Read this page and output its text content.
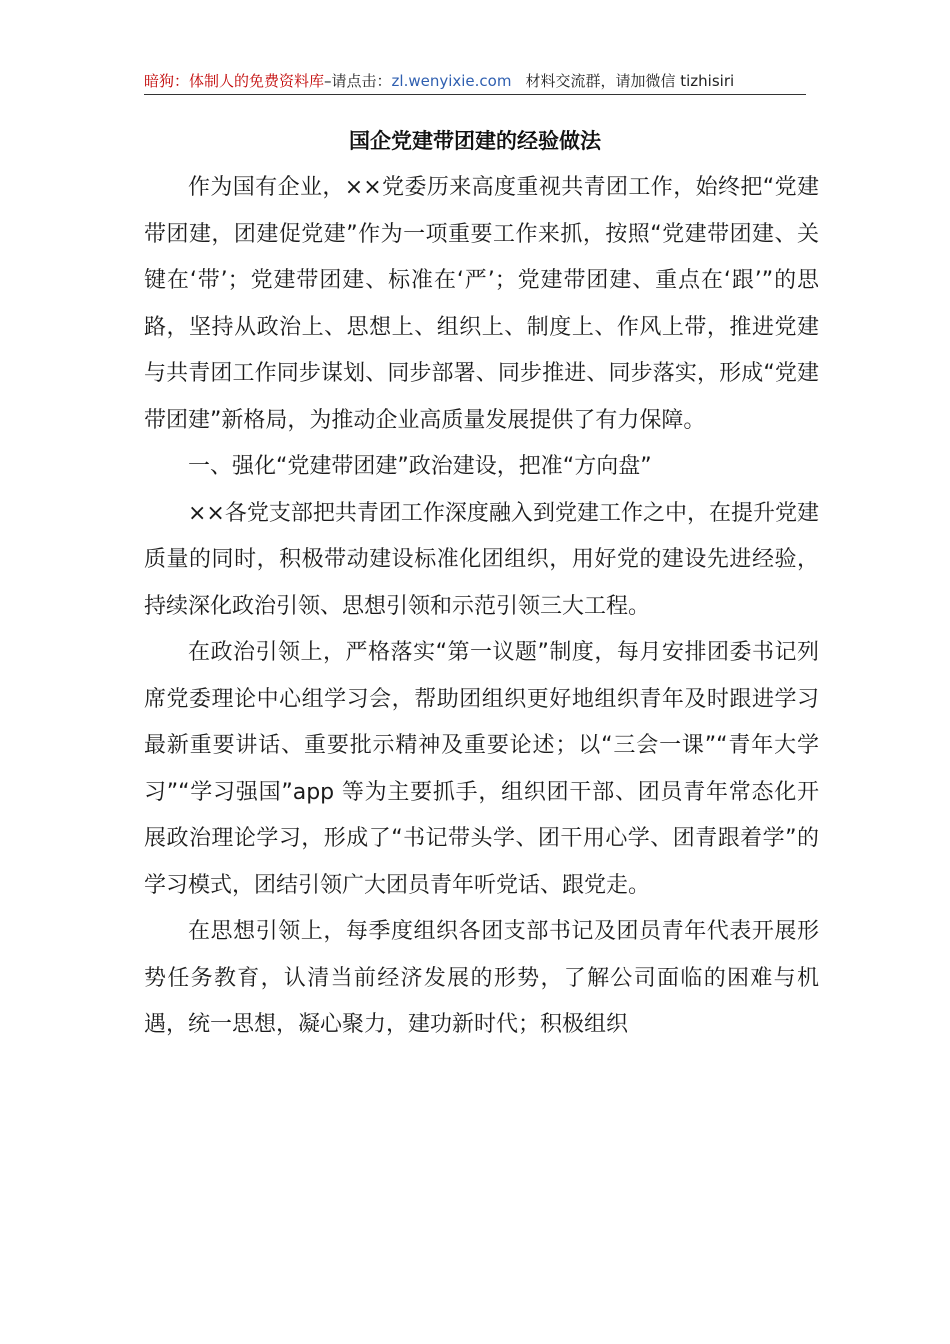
暗狗：体制人的免费资料库–请点击：zl.wenyixie.com 材料交流群，请加微信 tizhisiri
国企党建带团建的经验做法

作为国有企业，××党委历来高度重视共青团工作，始终把“党建带团建，团建促党建”作为一项重要工作来抓，按照“党建带团建、关键在‘带’；党建带团建、标准在‘严’；党建带团建、重点在‘跟’”的思路，坚持从政治上、思想上、组织上、制度上、作风上带，推进党建与共青团工作同步谋划、同步部署、同步推进、同步落实，形成“党建带团建”新格局，为推动企业高质量发展提供了有力保障。

一、强化“党建带团建”政治建设，把准“方向盘”

××各党支部把共青团工作深度融入到党建工作之中，在提升党建质量的同时，积极带动建设标准化团组织，用好党的建设先进经验，持续深化政治引领、思想引领和示范引领三大工程。

在政治引领上，严格落实“第一议题”制度，每月安排团委书记列席党委理论中心组学习会，帮助团组织更好地组织青年及时跟进学习 最新重要讲话、重要批示精神及重要论述；以“三会一课”“青年大学习”“学习强国”app 等为主要抓手，组织团干部、团员青年常态化开展政治理论学习，形成了“书记带头学、团干用心学、团青跟着学”的学习模式，团结引领广大团员青年听党话、跟党走。

在思想引领上，每季度组织各团支部书记及团员青年代表开展形势任务教育，认清当前经济发展的形势，了解公司面临的困难与机遇，统一思想，凝心聚力，建功新时代；积极组织
